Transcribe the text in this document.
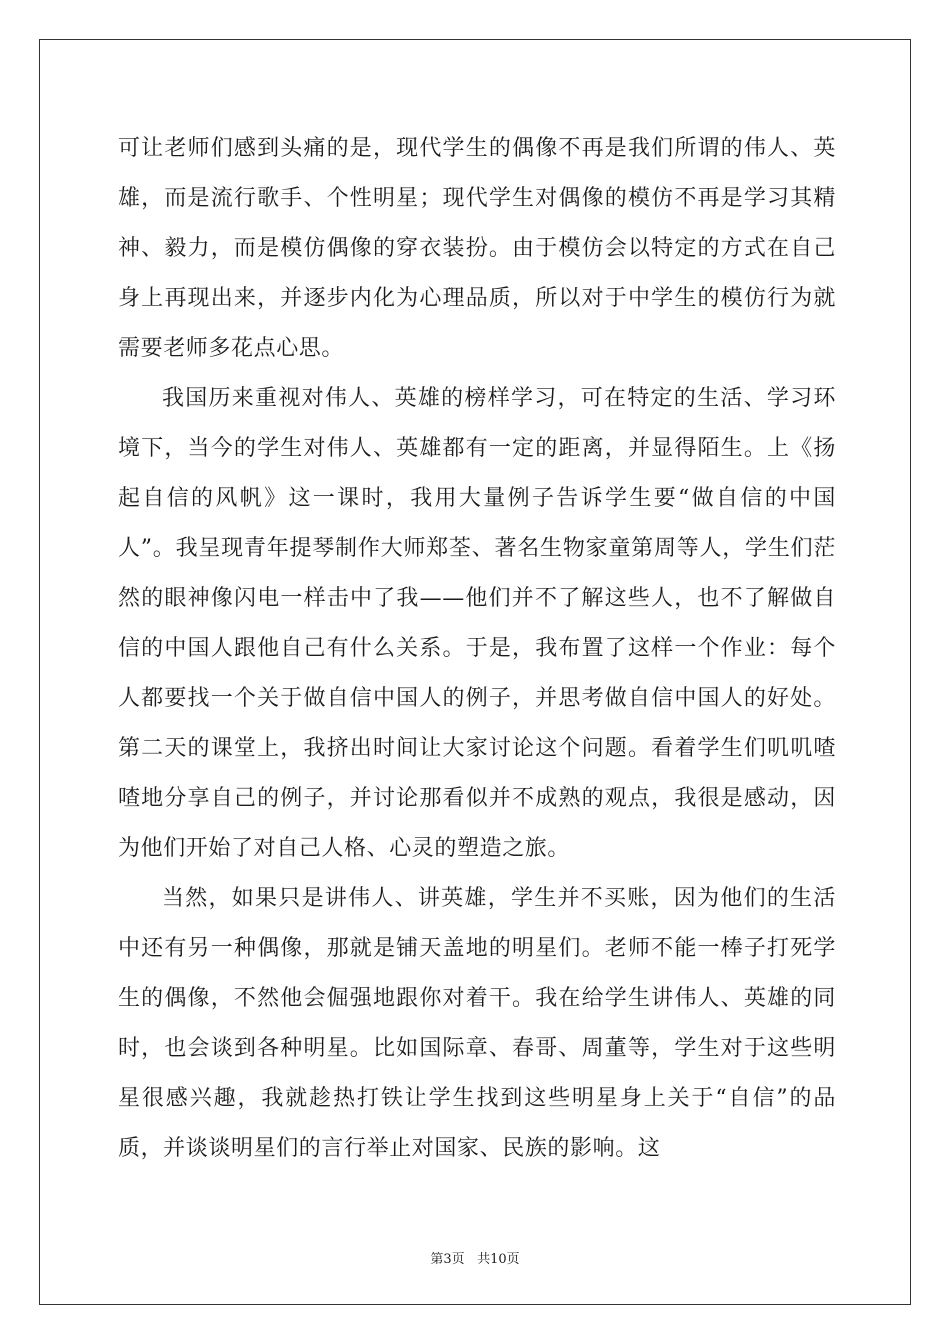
可让老师们感到头痛的是，现代学生的偶像不再是我们所谓的伟人、英雄，而是流行歌手、个性明星；现代学生对偶像的模仿不再是学习其精神、毅力，而是模仿偶像的穿衣装扮。由于模仿会以特定的方式在自己身上再现出来，并逐步内化为心理品质，所以对于中学生的模仿行为就需要老师多花点心思。

我国历来重视对伟人、英雄的榜样学习，可在特定的生活、学习环境下，当今的学生对伟人、英雄都有一定的距离，并显得陌生。上《扬起自信的风帆》这一课时，我用大量例子告诉学生要“做自信的中国人”。我呈现青年提琴制作大师郑荃、著名生物家童第周等人，学生们茫然的眼神像闪电一样击中了我——他们并不了解这些人，也不了解做自信的中国人跟他自己有什么关系。于是，我布置了这样一个作业：每个人都要找一个关于做自信中国人的例子，并思考做自信中国人的好处。第二天的课堂上，我挤出时间让大家讨论这个问题。看着学生们叽叽喳喳地分享自己的例子，并讨论那看似并不成熟的观点，我很是感动，因为他们开始了对自己人格、心灵的塑造之旅。

当然，如果只是讲伟人、讲英雄，学生并不买账，因为他们的生活中还有另一种偶像，那就是铺天盖地的明星们。老师不能一棒子打死学生的偶像，不然他会倔强地跟你对着干。我在给学生讲伟人、英雄的同时，也会谈到各种明星。比如国际章、春哥、周董等，学生对于这些明星很感兴趣，我就趁热打铁让学生找到这些明星身上关于“自信”的品质，并谈谈明星们的言行举止对国家、民族的影响。这

第3页 共10页
